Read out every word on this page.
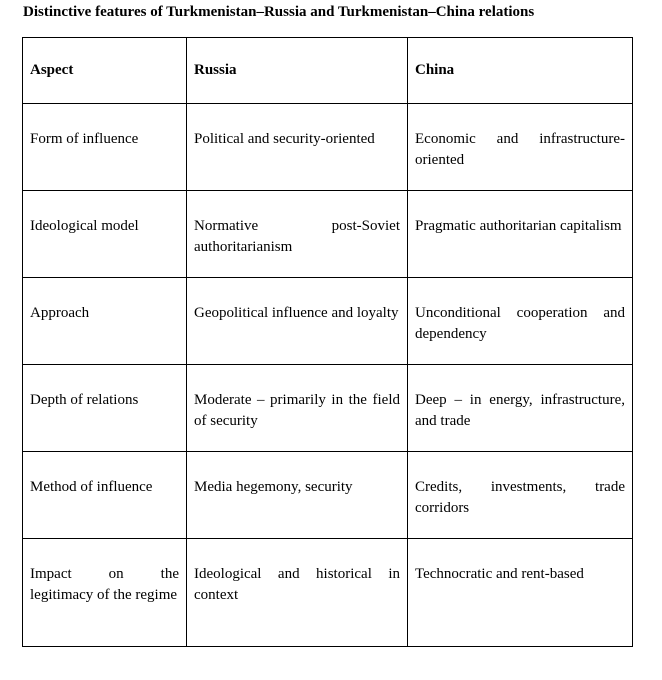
Distinctive features of Turkmenistan–Russia and Turkmenistan–China relations
Aspect	Russia	China
Form of influence	Political and security-oriented	Economic and infrastructure-oriented
Ideological model	Normative post-Soviet authoritarianism	Pragmatic authoritarian capitalism
Approach	Geopolitical influence and loyalty	Unconditional cooperation and dependency
Depth of relations	Moderate – primarily in the field of security	Deep – in energy, infrastructure, and trade
Method of influence	Media hegemony, security	Credits, investments, trade corridors
Impact on the legitimacy of the regime	Ideological and historical in context	Technocratic and rent-based
